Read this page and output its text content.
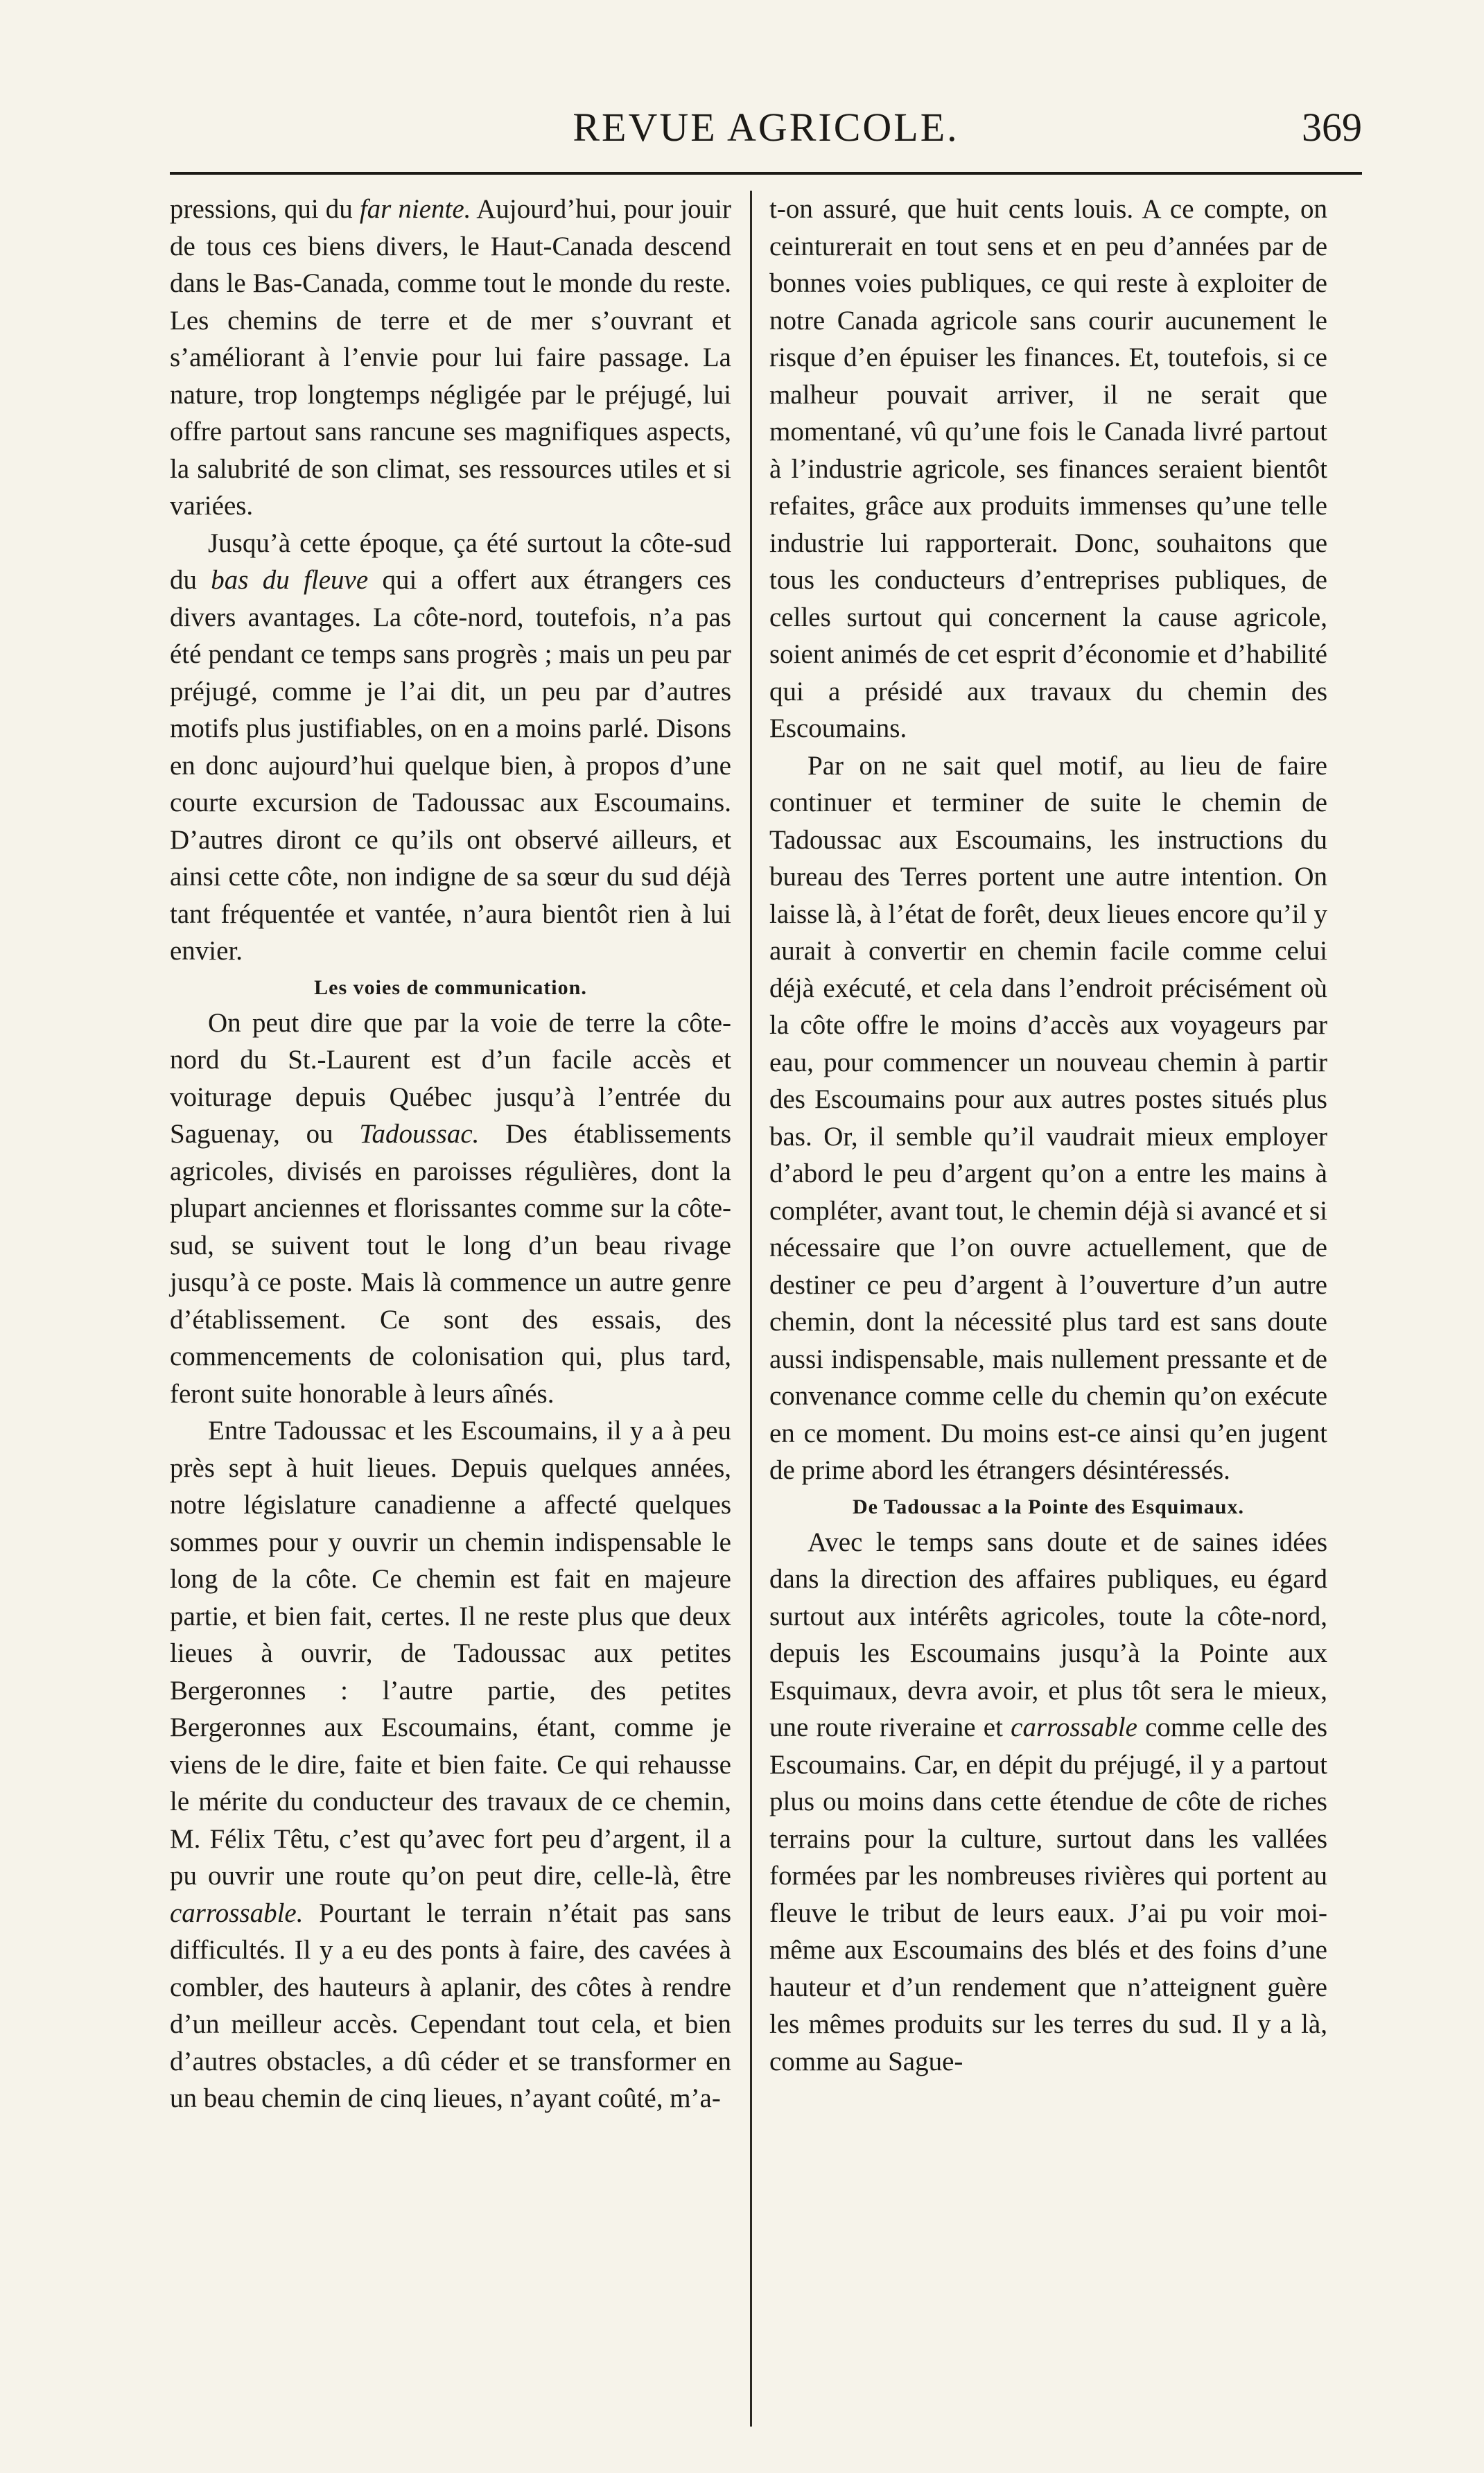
REVUE AGRICOLE.	369

pressions, qui du far niente. Aujourd’hui, pour jouir de tous ces biens divers, le Haut-Canada descend dans le Bas-Canada, comme tout le monde du reste. Les chemins de terre et de mer s’ouvrant et s’améliorant à l’envie pour lui faire passage. La nature, trop longtemps négligée par le préjugé, lui offre partout sans rancune ses magnifiques aspects, la salubrité de son climat, ses ressources utiles et si variées.

Jusqu’à cette époque, ça été surtout la côte-sud du bas du fleuve qui a offert aux étrangers ces divers avantages. La côte-nord, toutefois, n’a pas été pendant ce temps sans progrès ; mais un peu par préjugé, comme je l’ai dit, un peu par d’autres motifs plus justifiables, on en a moins parlé. Disons en donc aujourd’hui quelque bien, à propos d’une courte excursion de Tadoussac aux Escoumains. D’autres diront ce qu’ils ont observé ailleurs, et ainsi cette côte, non indigne de sa sœur du sud déjà tant fréquentée et vantée, n’aura bientôt rien à lui envier.

Les voies de communication.

On peut dire que par la voie de terre la côte-nord du St.-Laurent est d’un facile accès et voiturage depuis Québec jusqu’à l’entrée du Saguenay, ou Tadoussac. Des établissements agricoles, divisés en paroisses régulières, dont la plupart anciennes et florissantes comme sur la côte-sud, se suivent tout le long d’un beau rivage jusqu’à ce poste. Mais là commence un autre genre d’établissement. Ce sont des essais, des commencements de colonisation qui, plus tard, feront suite honorable à leurs aînés.

Entre Tadoussac et les Escoumains, il y a à peu près sept à huit lieues. Depuis quelques années, notre législature canadienne a affecté quelques sommes pour y ouvrir un chemin indispensable le long de la côte. Ce chemin est fait en majeure partie, et bien fait, certes. Il ne reste plus que deux lieues à ouvrir, de Tadoussac aux petites Bergeronnes : l’autre partie, des petites Bergeronnes aux Escoumains, étant, comme je viens de le dire, faite et bien faite. Ce qui rehausse le mérite du conducteur des travaux de ce chemin, M. Félix Têtu, c’est qu’avec fort peu d’argent, il a pu ouvrir une route qu’on peut dire, celle-là, être carrossable. Pourtant le terrain n’était pas sans difficultés. Il y a eu des ponts à faire, des cavées à combler, des hauteurs à aplanir, des côtes à rendre d’un meilleur accès. Cependant tout cela, et bien d’autres obstacles, a dû céder et se transformer en un beau chemin de cinq lieues, n’ayant coûté, m’a-

t-on assuré, que huit cents louis. A ce compte, on ceinturerait en tout sens et en peu d’années par de bonnes voies publiques, ce qui reste à exploiter de notre Canada agricole sans courir aucunement le risque d’en épuiser les finances. Et, toutefois, si ce malheur pouvait arriver, il ne serait que momentané, vû qu’une fois le Canada livré partout à l’industrie agricole, ses finances seraient bientôt refaites, grâce aux produits immenses qu’une telle industrie lui rapporterait. Donc, souhaitons que tous les conducteurs d’entreprises publiques, de celles surtout qui concernent la cause agricole, soient animés de cet esprit d’économie et d’habilité qui a présidé aux travaux du chemin des Escoumains.

Par on ne sait quel motif, au lieu de faire continuer et terminer de suite le chemin de Tadoussac aux Escoumains, les instructions du bureau des Terres portent une autre intention. On laisse là, à l’état de forêt, deux lieues encore qu’il y aurait à convertir en chemin facile comme celui déjà exécuté, et cela dans l’endroit précisément où la côte offre le moins d’accès aux voyageurs par eau, pour commencer un nouveau chemin à partir des Escoumains pour aux autres postes situés plus bas. Or, il semble qu’il vaudrait mieux employer d’abord le peu d’argent qu’on a entre les mains à compléter, avant tout, le chemin déjà si avancé et si nécessaire que l’on ouvre actuellement, que de destiner ce peu d’argent à l’ouverture d’un autre chemin, dont la nécessité plus tard est sans doute aussi indispensable, mais nullement pressante et de convenance comme celle du chemin qu’on exécute en ce moment. Du moins est-ce ainsi qu’en jugent de prime abord les étrangers désintéressés.

De Tadoussac a la Pointe des Esquimaux.

Avec le temps sans doute et de saines idées dans la direction des affaires publiques, eu égard surtout aux intérêts agricoles, toute la côte-nord, depuis les Escoumains jusqu’à la Pointe aux Esquimaux, devra avoir, et plus tôt sera le mieux, une route riveraine et carrossable comme celle des Escoumains. Car, en dépit du préjugé, il y a partout plus ou moins dans cette étendue de côte de riches terrains pour la culture, surtout dans les vallées formées par les nombreuses rivières qui portent au fleuve le tribut de leurs eaux. J’ai pu voir moi-même aux Escoumains des blés et des foins d’une hauteur et d’un rendement que n’atteignent guère les mêmes produits sur les terres du sud. Il y a là, comme au Sague-
